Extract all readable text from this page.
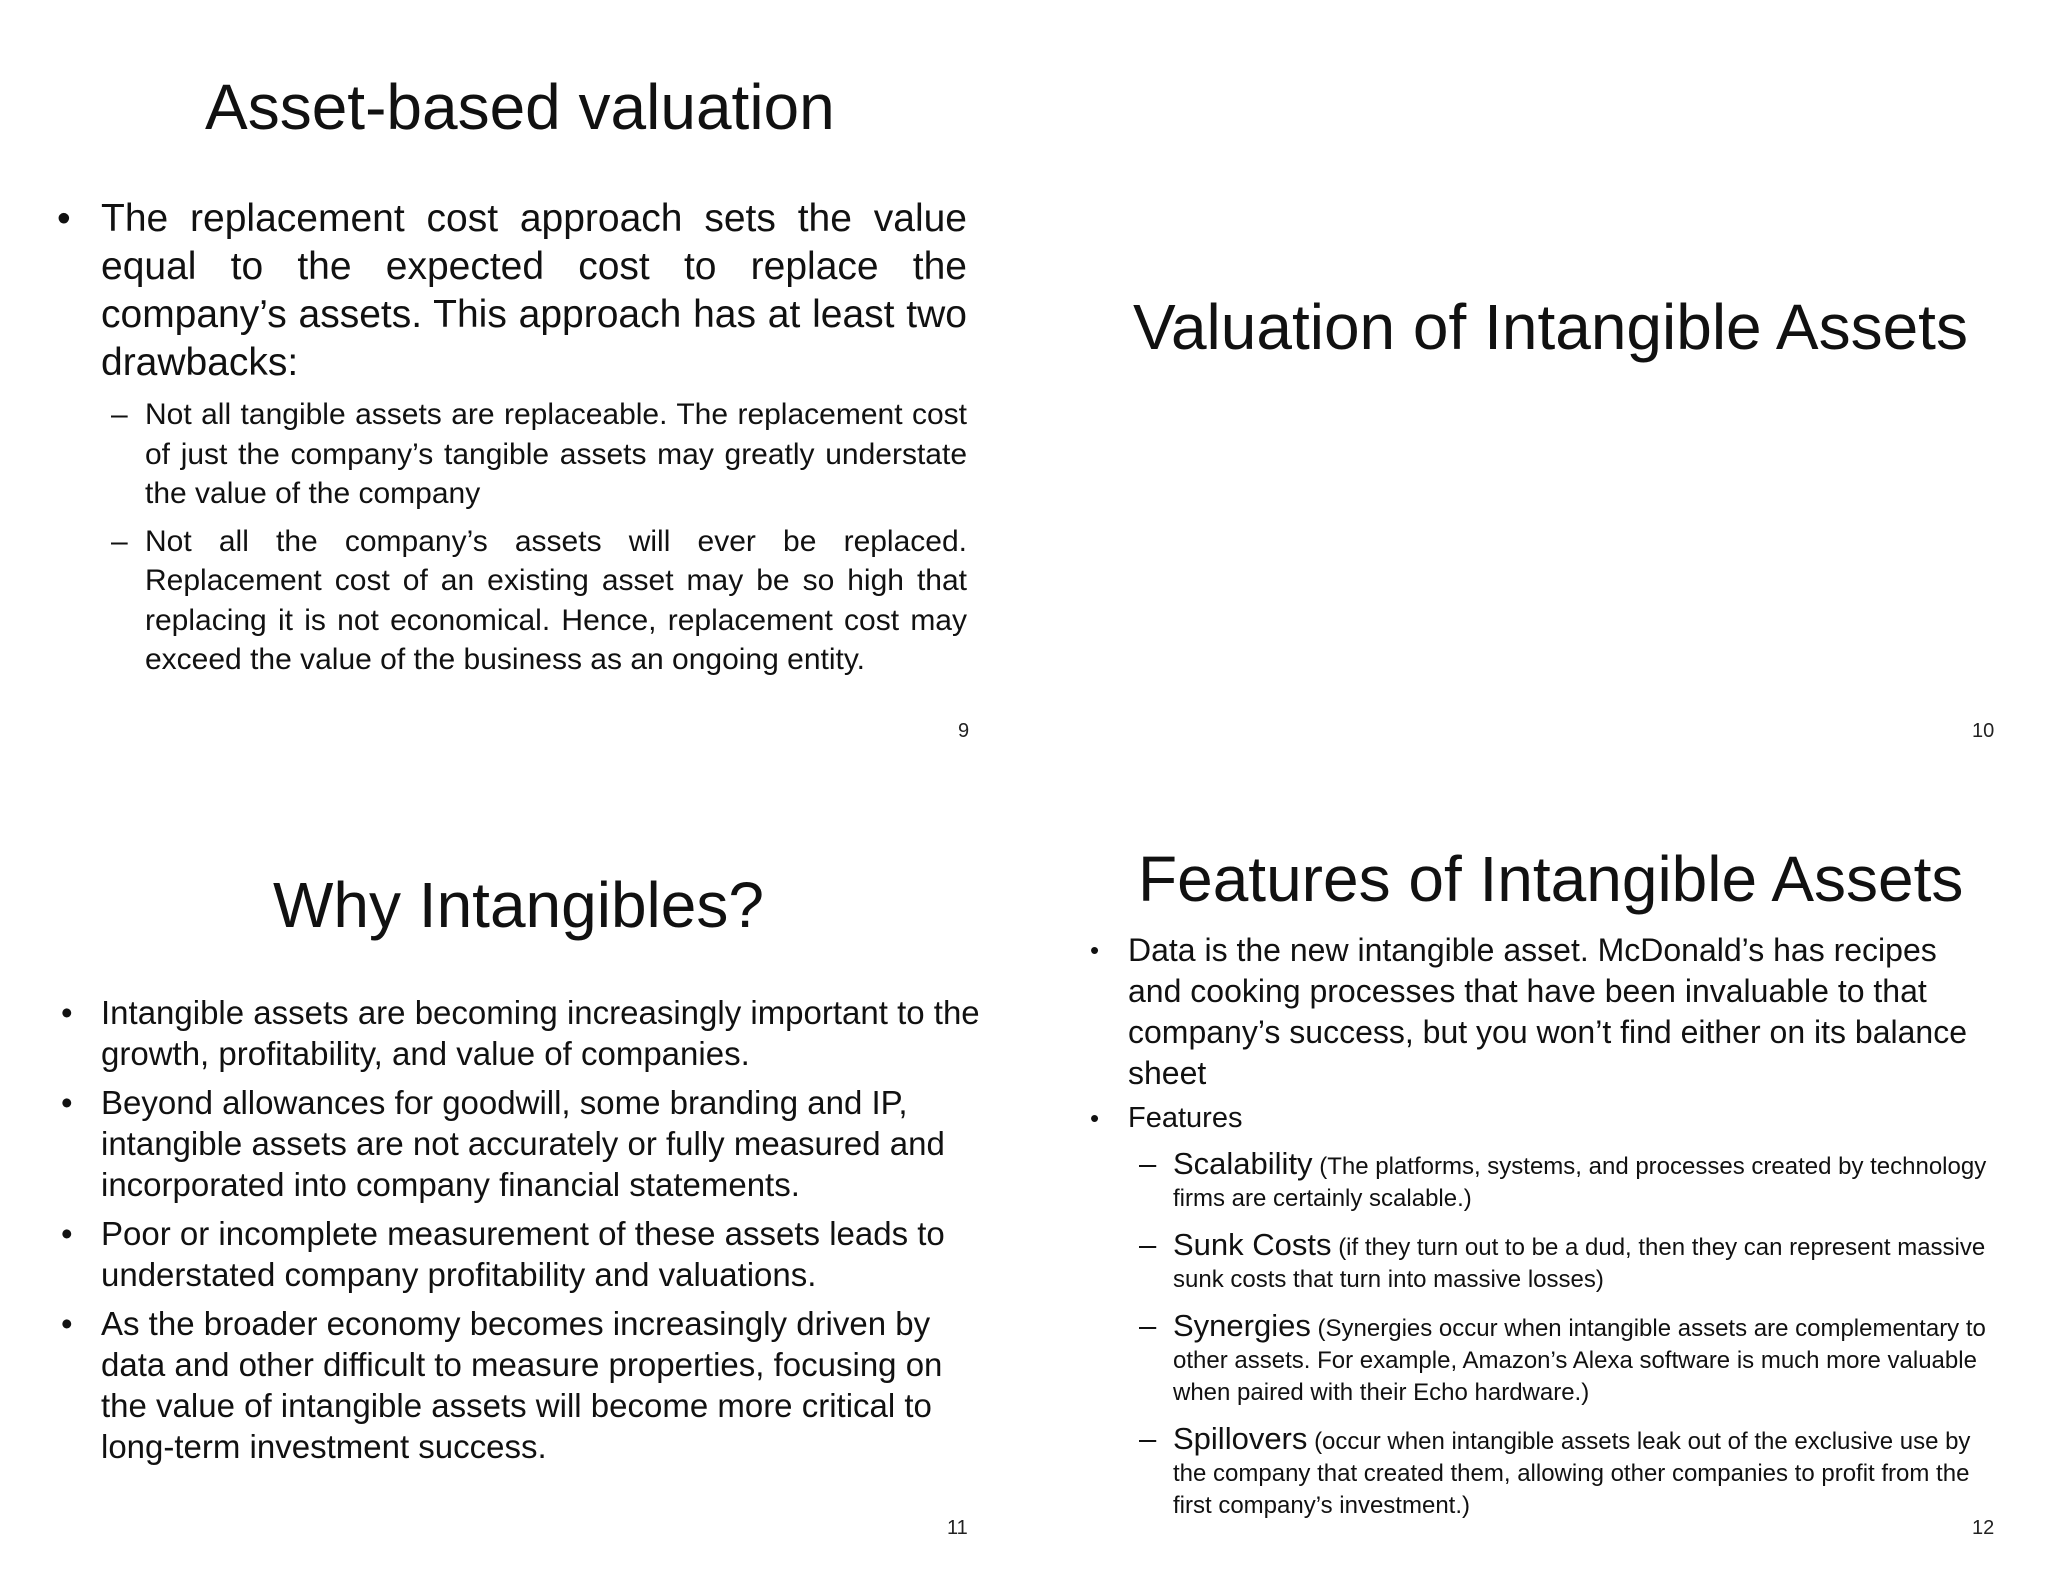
Asset-based valuation
• The replacement cost approach sets the value equal to the expected cost to replace the company’s assets. This approach has at least two drawbacks:
– Not all tangible assets are replaceable. The replacement cost of just the company’s tangible assets may greatly understate the value of the company
– Not all the company’s assets will ever be replaced. Replacement cost of an existing asset may be so high that replacing it is not economical. Hence, replacement cost may exceed the value of the business as an ongoing entity.
9
Valuation of Intangible Assets
10
Why Intangibles?
• Intangible assets are becoming increasingly important to the growth, profitability, and value of companies.
• Beyond allowances for goodwill, some branding and IP, intangible assets are not accurately or fully measured and incorporated into company financial statements.
• Poor or incomplete measurement of these assets leads to understated company profitability and valuations.
• As the broader economy becomes increasingly driven by data and other difficult to measure properties, focusing on the value of intangible assets will become more critical to long-term investment success.
11
Features of Intangible Assets
• Data is the new intangible asset. McDonald’s has recipes and cooking processes that have been invaluable to that company’s success, but you won’t find either on its balance sheet
• Features
– Scalability (The platforms, systems, and processes created by technology firms are certainly scalable.)
– Sunk Costs (if they turn out to be a dud, then they can represent massive sunk costs that turn into massive losses)
– Synergies (Synergies occur when intangible assets are complementary to other assets. For example, Amazon’s Alexa software is much more valuable when paired with their Echo hardware.)
– Spillovers (occur when intangible assets leak out of the exclusive use by the company that created them, allowing other companies to profit from the first company’s investment.)
12
